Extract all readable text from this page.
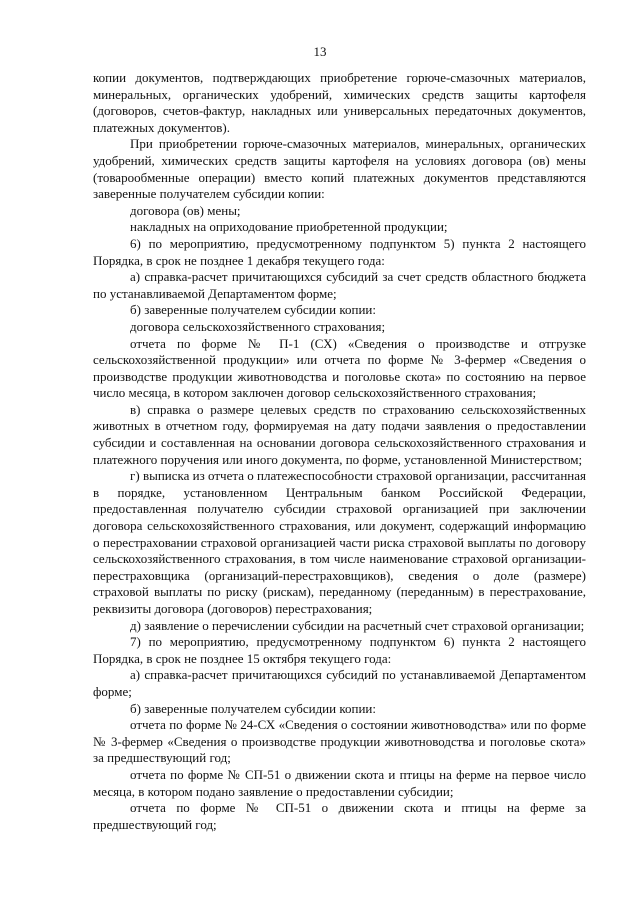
13

копии документов, подтверждающих приобретение горюче-смазочных материалов, минеральных, органических удобрений, химических средств защиты картофеля (договоров, счетов-фактур, накладных или универсальных передаточных документов, платежных документов).

При приобретении горюче-смазочных материалов, минеральных, органических удобрений, химических средств защиты картофеля на условиях договора (ов) мены (товарообменные операции) вместо копий платежных документов представляются заверенные получателем субсидии копии:

договора (ов) мены;

накладных на оприходование приобретенной продукции;

6) по мероприятию, предусмотренному подпунктом 5) пункта 2 настоящего Порядка, в срок не позднее 1 декабря текущего года:

а) справка-расчет причитающихся субсидий за счет средств областного бюджета по устанавливаемой Департаментом форме;

б) заверенные получателем субсидии копии:

договора сельскохозяйственного страхования;

отчета по форме № П-1 (СХ) «Сведения о производстве и отгрузке сельскохозяйственной продукции» или отчета по форме № 3-фермер «Сведения о производстве продукции животноводства и поголовье скота» по состоянию на первое число месяца, в котором заключен договор сельскохозяйственного страхования;

в) справка о размере целевых средств по страхованию сельскохозяйственных животных в отчетном году, формируемая на дату подачи заявления о предоставлении субсидии и составленная на основании договора сельскохозяйственного страхования и платежного поручения или иного документа, по форме, установленной Министерством;

г) выписка из отчета о платежеспособности страховой организации, рассчитанная в порядке, установленном Центральным банком Российской Федерации, предоставленная получателю субсидии страховой организацией при заключении договора сельскохозяйственного страхования, или документ, содержащий информацию о перестраховании страховой организацией части риска страховой выплаты по договору сельскохозяйственного страхования, в том числе наименование страховой организации-перестраховщика (организаций-перестраховщиков), сведения о доле (размере) страховой выплаты по риску (рискам), переданному (переданным) в перестрахование, реквизиты договора (договоров) перестрахования;

д) заявление о перечислении субсидии на расчетный счет страховой организации;

7) по мероприятию, предусмотренному подпунктом 6) пункта 2 настоящего Порядка, в срок не позднее 15 октября текущего года:

а) справка-расчет причитающихся субсидий по устанавливаемой Департаментом форме;

б) заверенные получателем субсидии копии:

отчета по форме № 24-СХ «Сведения о состоянии животноводства» или по форме № 3-фермер «Сведения о производстве продукции животноводства и поголовье скота» за предшествующий год;

отчета по форме № СП-51 о движении скота и птицы на ферме на первое число месяца, в котором подано заявление о предоставлении субсидии;

отчета по форме № СП-51 о движении скота и птицы на ферме за предшествующий год;
